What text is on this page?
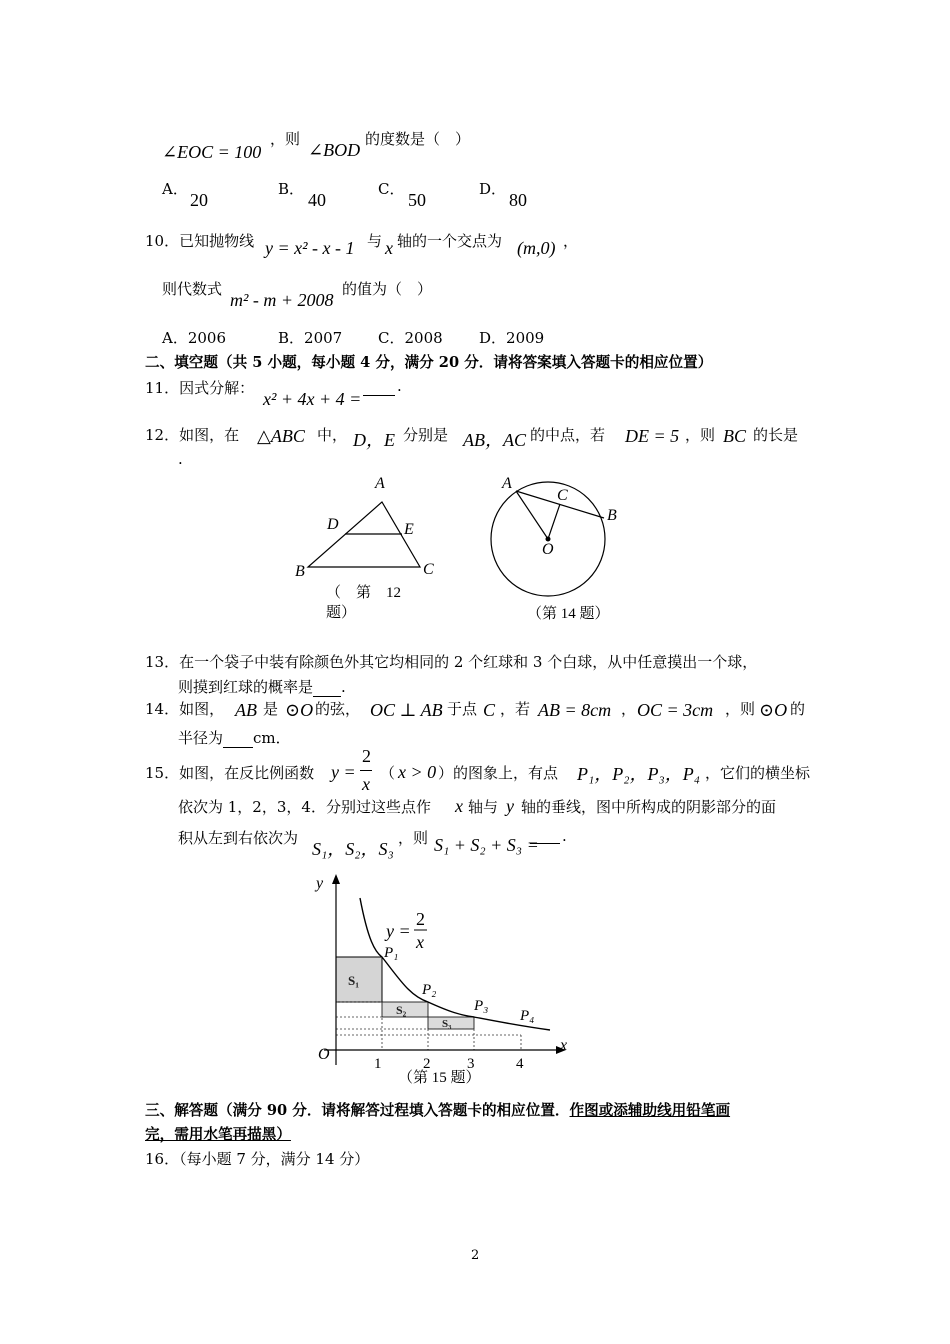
∠EOC = 100
，则
∠BOD
的度数是（　）
A．
20
B．
40
C．
50
D．
80
10．已知抛物线 y = x² - x - 1 与 x 轴的一个交点为 (m,0) ，
则代数式
m² - m + 2008
的值为（　）
A．2006	B．2007 C．2008 D．2009
二、填空题（共 5 小题，每小题 4 分，满分 20 分．请将答案填入答题卡的相应位置）
11．因式分解：
x² + 4x + 4 =
.
12．如图，在 △ABC 中， D，E 分别是 AB，AC 的中点，若 DE = 5 ，则 BC 的长是
.
A
D	E
B	C
（　第　12
题）
A
C
B
O
（第 14 题）
13．在一个袋子中装有除颜色外其它均相同的 2 个红球和 3 个白球，从中任意摸出一个球，
则摸到红球的概率是 .
14．如图， AB 是 ⊙O 的弦， OC ⊥ AB 于点 C ，若 AB = 8cm ， OC = 3cm ，则 ⊙O 的
半径为 cm．
15．如图，在反比例函数 y =
2
x
（ x > 0 ）的图象上，有点 P₁，P₂，P₃，P₄ ，它们的横坐标
依次为 1，2，3，4．分别过这些点作 x 轴与 y 轴的垂线，图中所构成的阴影部分的面
积从左到右依次为
S₁，S₂，S₃
，则 S₁ + S₂ + S₃ = .
y
x
O
y =
2
x
P₁
P₂
P₃
P₄
S₁
S₂
S₃
1	2 3	4
（第 15 题）
三、解答题（满分 90 分．请将解答过程填入答题卡的相应位置．作图或添辅助线用铅笔画
完，需用水笔再描黑）
16．（每小题 7 分，满分 14 分）
2
